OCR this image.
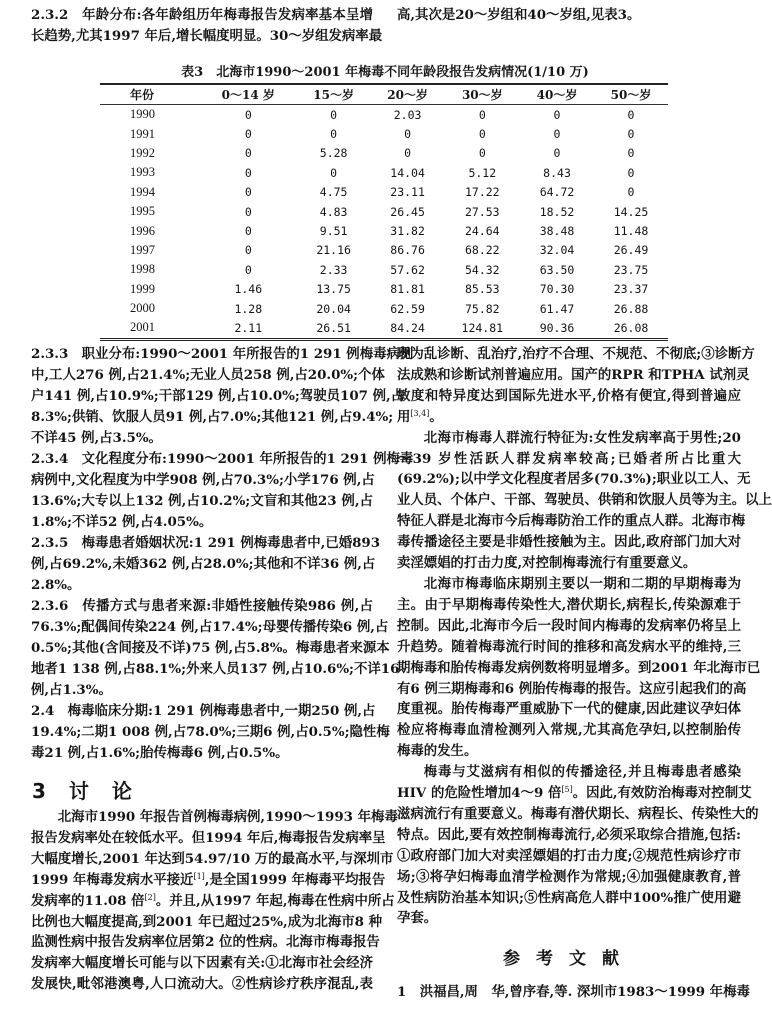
2.3.2　年龄分布:各年龄组历年梅毒报告发病率基本呈增
长趋势,尤其1997 年后,增长幅度明显。30～岁组发病率最
高,其次是20～岁组和40～岁组,见表3。
表3　北海市1990～2001 年梅毒不同年龄段报告发病情况(1/10 万)
年份	0～14 岁	15～岁	20～岁	30～岁	40～岁	50～岁
1990	0	0	2.03	0	0	0
1991	0	0	0	0	0	0
1992	0	5.28	0	0	0	0
1993	0	0	14.04	5.12	8.43	0
1994	0	4.75	23.11	17.22	64.72	0
1995	0	4.83	26.45	27.53	18.52	14.25
1996	0	9.51	31.82	24.64	38.48	11.48
1997	0	21.16	86.76	68.22	32.04	26.49
1998	0	2.33	57.62	54.32	63.50	23.75
1999	1.46	13.75	81.81	85.53	70.30	23.37
2000	1.28	20.04	62.59	75.82	61.47	26.88
2001	2.11	26.51	84.24	124.81	90.36	26.08
2.3.3　职业分布:1990～2001 年所报告的1 291 例梅毒病例
中,工人276 例,占21.4%;无业人员258 例,占20.0%;个体
户141 例,占10.9%;干部129 例,占10.0%;驾驶员107 例,占
8.3%;供销、饮服人员91 例,占7.0%;其他121 例,占9.4%;
不详45 例,占3.5%。
2.3.4　文化程度分布:1990～2001 年所报告的1 291 例梅毒
病例中,文化程度为中学908 例,占70.3%;小学176 例,占
13.6%;大专以上132 例,占10.2%;文盲和其他23 例,占
1.8%;不详52 例,占4.05%。
2.3.5　梅毒患者婚姻状况:1 291 例梅毒患者中,已婚893
例,占69.2%,未婚362 例,占28.0%;其他和不详36 例,占
2.8%。
2.3.6　传播方式与患者来源:非婚性接触传染986 例,占
76.3%;配偶间传染224 例,占17.4%;母婴传播传染6 例,占
0.5%;其他(含间接及不详)75 例,占5.8%。梅毒患者来源本
地者1 138 例,占88.1%;外来人员137 例,占10.6%;不详16
例,占1.3%。
2.4　梅毒临床分期:1 291 例梅毒患者中,一期250 例,占
19.4%;二期1 008 例,占78.0%;三期6 例,占0.5%;隐性梅
毒21 例,占1.6%;胎传梅毒6 例,占0.5%。
3 讨 论
北海市1990 年报告首例梅毒病例,1990～1993 年梅毒
报告发病率处在较低水平。但1994 年后,梅毒报告发病率呈
大幅度增长,2001 年达到54.97/10 万的最高水平,与深圳市
1999 年梅毒发病水平接近[1],是全国1999 年梅毒平均报告
发病率的11.08 倍[2]。并且,从1997 年起,梅毒在性病中所占
比例也大幅度提高,到2001 年已超过25%,成为北海市8 种
监测性病中报告发病率位居第2 位的性病。北海市梅毒报告
发病率大幅度增长可能与以下因素有关:①北海市社会经济
发展快,毗邻港澳粤,人口流动大。②性病诊疗秩序混乱,表
现为乱诊断、乱治疗,治疗不合理、不规范、不彻底;③诊断方
法成熟和诊断试剂普遍应用。国产的RPR 和TPHA 试剂灵
敏度和特异度达到国际先进水平,价格有便宜,得到普遍应
用[3,4]。
北海市梅毒人群流行特征为:女性发病率高于男性;20
～39 岁性活跃人群发病率较高;已婚者所占比重大
(69.2%);以中学文化程度者居多(70.3%);职业以工人、无
业人员、个体户、干部、驾驶员、供销和饮服人员等为主。以上
特征人群是北海市今后梅毒防治工作的重点人群。北海市梅
毒传播途径主要是非婚性接触为主。因此,政府部门加大对
卖淫嫖娼的打击力度,对控制梅毒流行有重要意义。
北海市梅毒临床期别主要以一期和二期的早期梅毒为
主。由于早期梅毒传染性大,潜伏期长,病程长,传染源难于
控制。因此,北海市今后一段时间内梅毒的发病率仍将呈上
升趋势。随着梅毒流行时间的推移和高发病水平的维持,三
期梅毒和胎传梅毒发病例数将明显增多。到2001 年北海市已
有6 例三期梅毒和6 例胎传梅毒的报告。这应引起我们的高
度重视。胎传梅毒严重威胁下一代的健康,因此建议孕妇体
检应将梅毒血清检测列入常规,尤其高危孕妇,以控制胎传
梅毒的发生。
梅毒与艾滋病有相似的传播途径,并且梅毒患者感染
HIV 的危险性增加4～9 倍[5]。因此,有效防治梅毒对控制艾
滋病流行有重要意义。梅毒有潜伏期长、病程长、传染性大的
特点。因此,要有效控制梅毒流行,必须采取综合措施,包括:
①政府部门加大对卖淫嫖娼的打击力度;②规范性病诊疗市
场;③将孕妇梅毒血清学检测作为常规;④加强健康教育,普
及性病防治基本知识;⑤性病高危人群中100%推广使用避
孕套。
参考文献
1　洪福昌,周　华,曾序春,等. 深圳市1983～1999 年梅毒
